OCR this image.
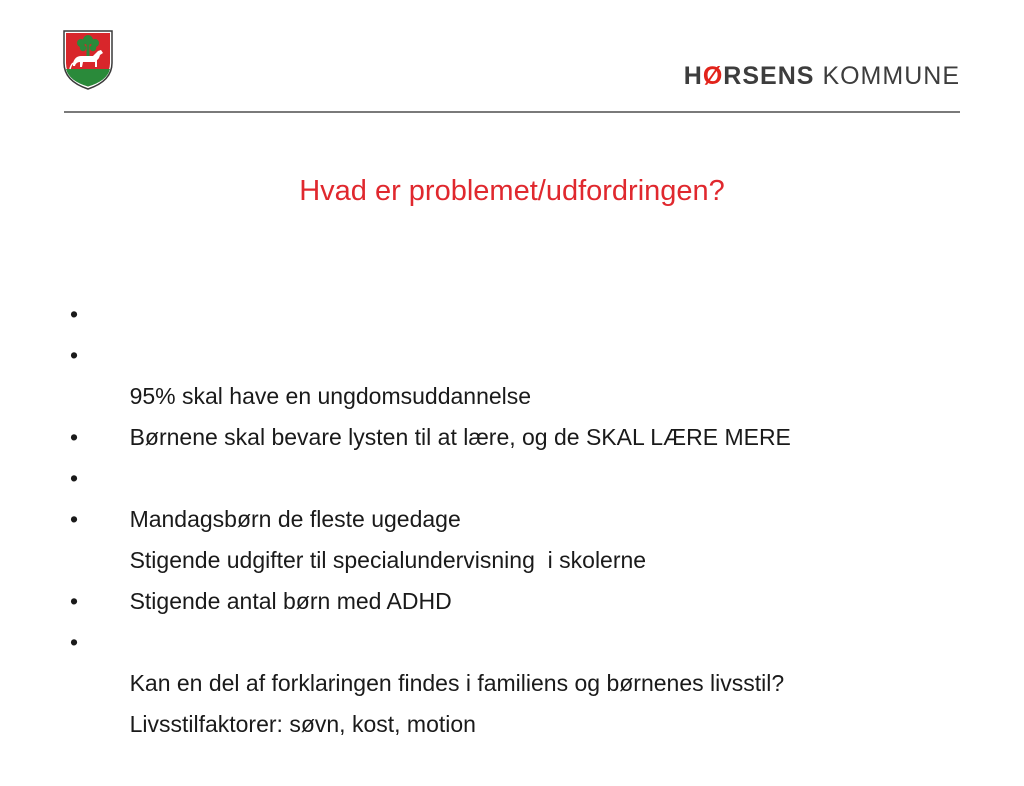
HØRSENS KOMMUNE
Hvad er problemet/udfordringen?

•

95% skal have en ungdomsuddannelse

•

Børnene skal bevare lysten til at lære, og de SKAL LÆRE MERE

•

Mandagsbørn de fleste ugedage

•

Stigende udgifter til specialundervisning  i skolerne

•

Stigende antal børn med ADHD

•

Kan en del af forklaringen findes i familiens og børnenes livsstil?

•

Livsstilfaktorer: søvn, kost, motion
